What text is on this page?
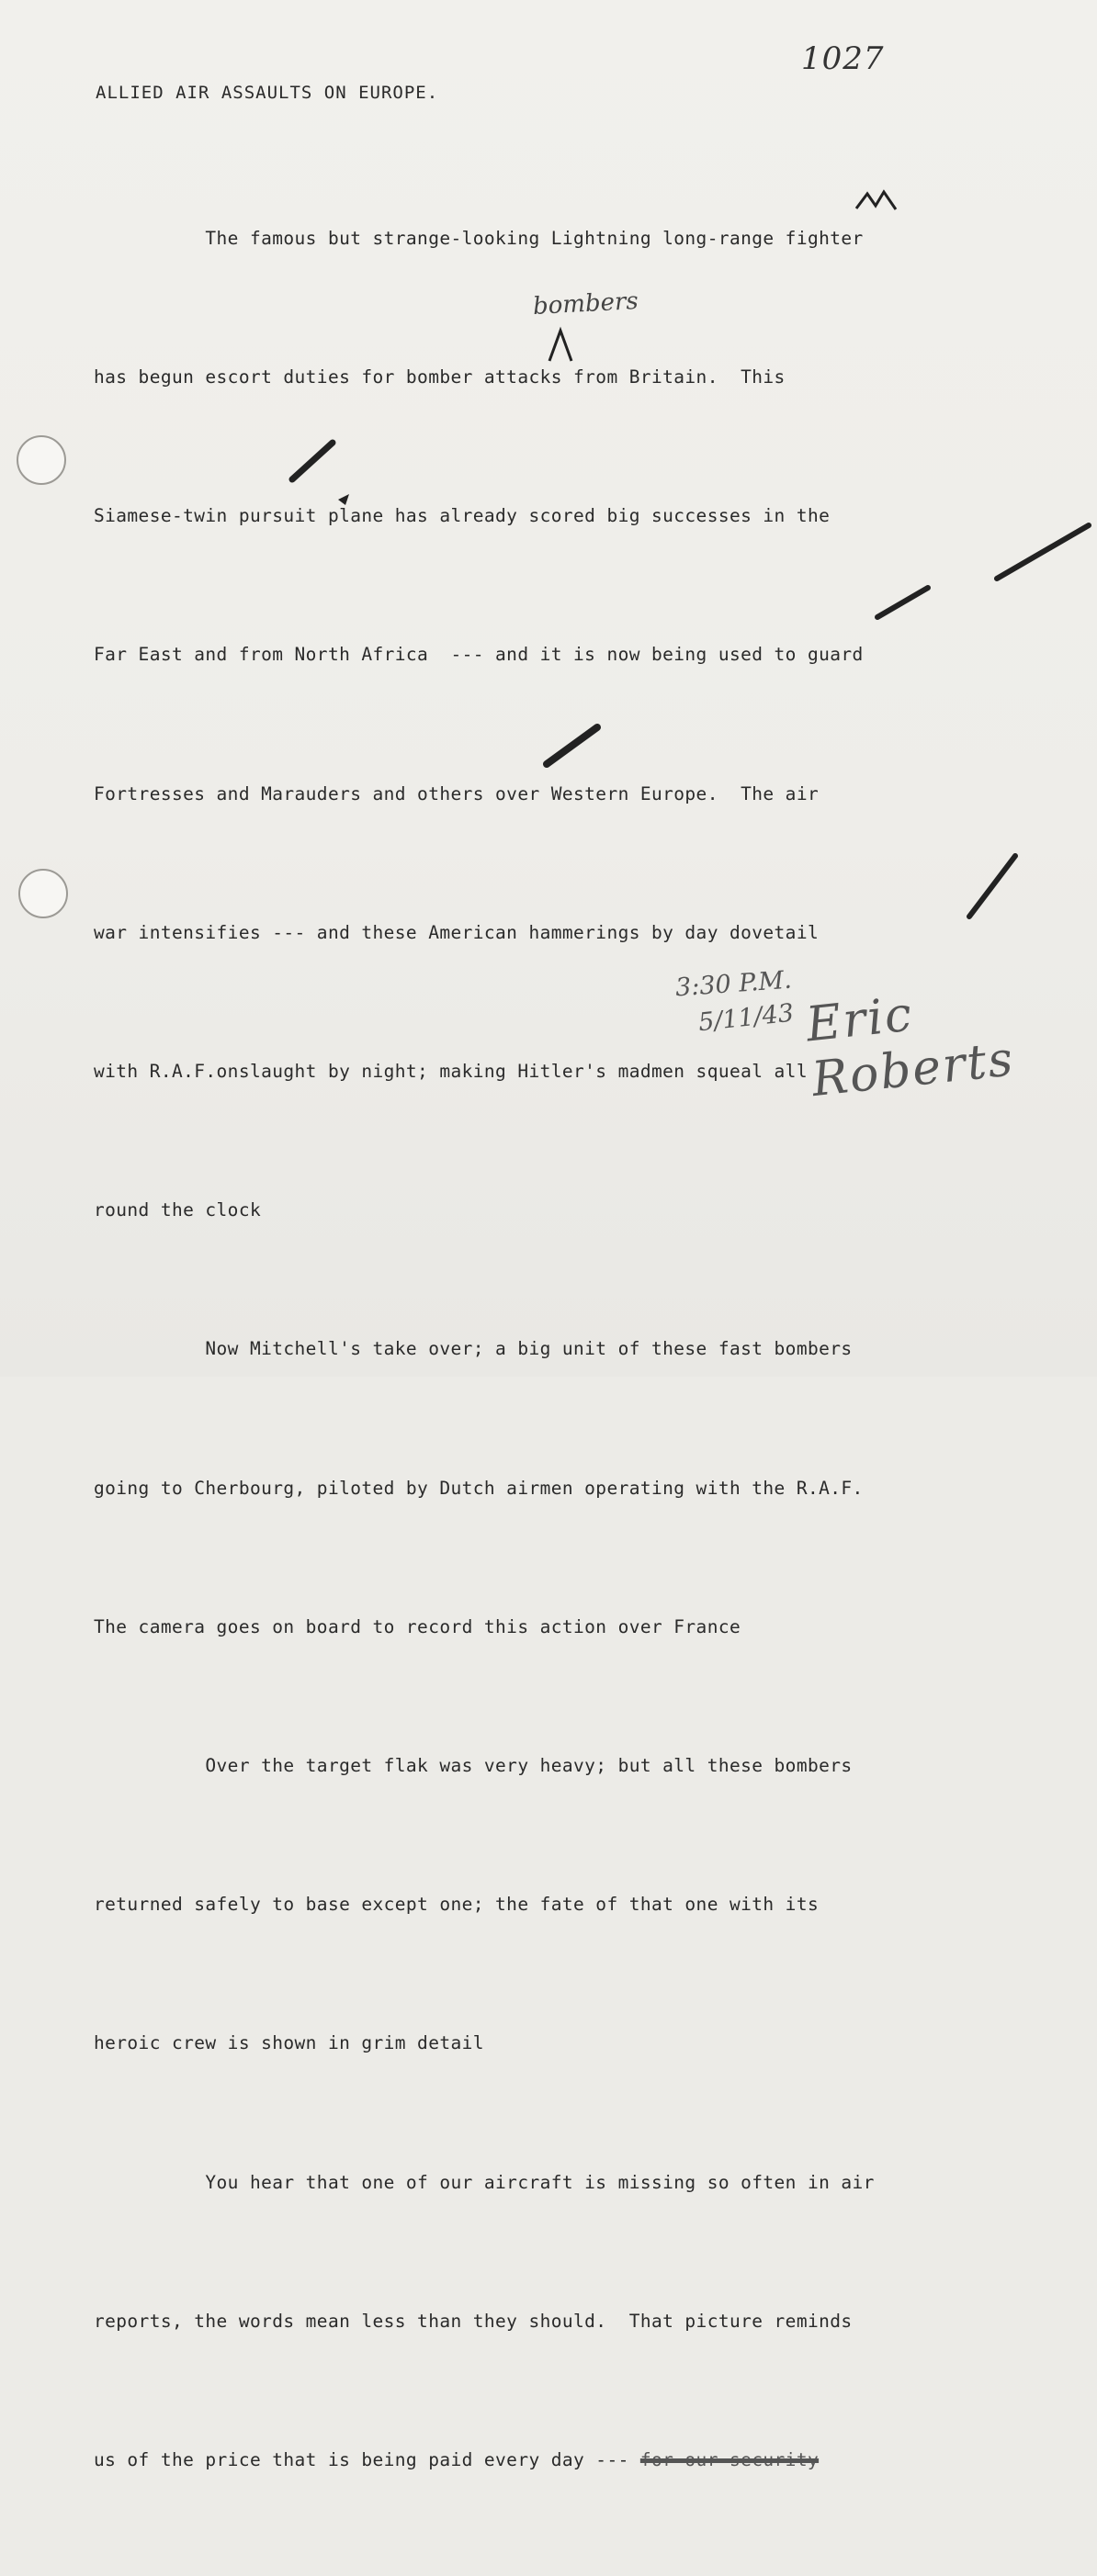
1027
ALLIED AIR ASSAULTS ON EUROPE.
bombers

The famous but strange-looking Lightning long-range fighter

has begun escort duties for bomber attacks from Britain.  This

Siamese-twin pursuit plane has already scored big successes in the

Far East and from North Africa  --- and it is now being used to guard

Fortresses and Marauders and others over Western Europe.  The air

war intensifies --- and these American hammerings by day dovetail

with R.A.F.onslaught by night; making Hitler's madmen squeal all

round the clock

Now Mitchell's take over; a big unit of these fast bombers

going to Cherbourg, piloted by Dutch airmen operating with the R.A.F.

The camera goes on board to record this action over France

Over the target flak was very heavy; but all these bombers

returned safely to base except one; the fate of that one with its

heroic crew is shown in grim detail

You hear that one of our aircraft is missing so often in air

reports, the words mean less than they should.  That picture reminds

us of the price that is being paid every day --- for our security

3:30 P.M.
5/11/43 Eric Roberts
